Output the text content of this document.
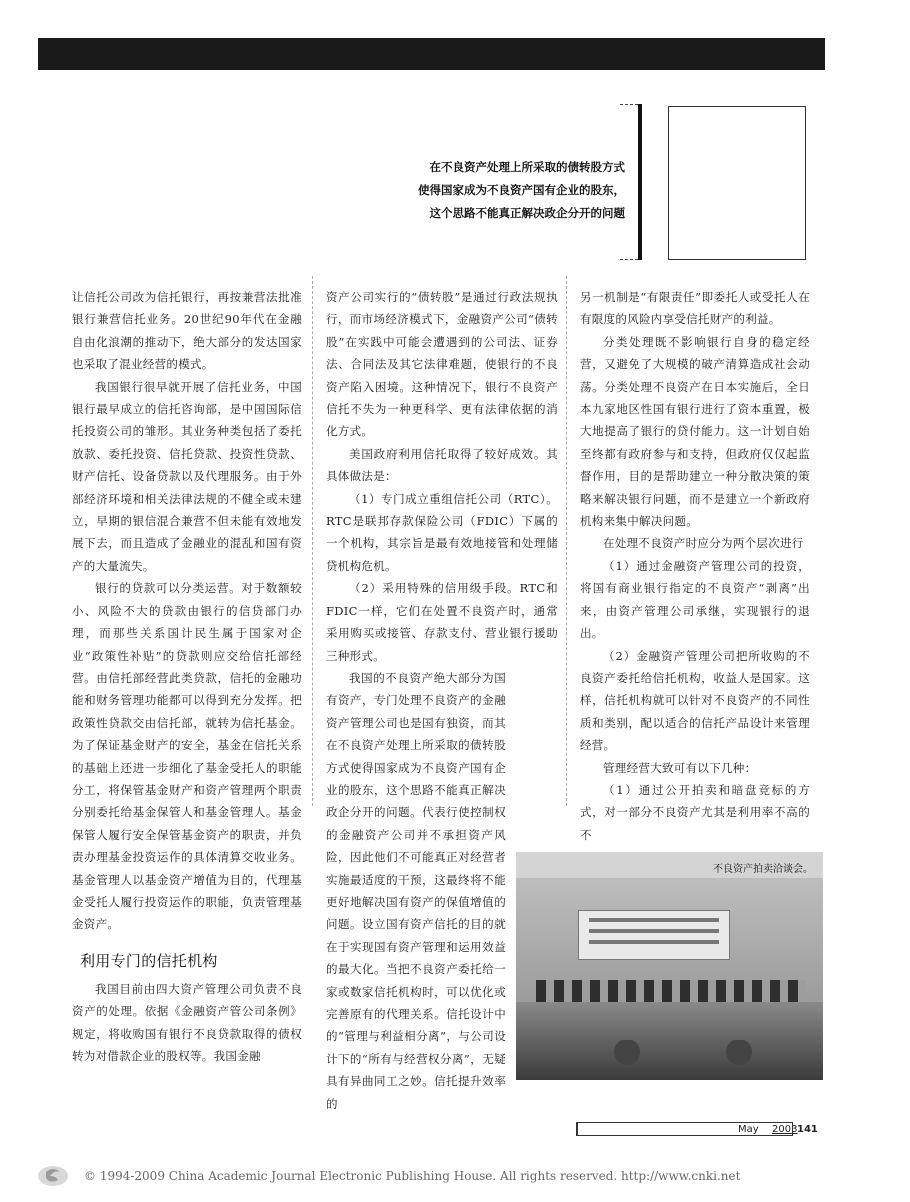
在不良资产处理上所采取的债转股方式
使得国家成为不良资产国有企业的股东，
这个思路不能真正解决政企分开的问题

让信托公司改为信托银行，再按兼营法批准银行兼营信托业务。20世纪90年代在金融自由化浪潮的推动下，绝大部分的发达国家也采取了混业经营的模式。

我国银行很早就开展了信托业务，中国银行最早成立的信托咨询部，是中国国际信托投资公司的雏形。其业务种类包括了委托放款、委托投资、信托贷款、投资性贷款、财产信托、设备贷款以及代理服务。由于外部经济环境和相关法律法规的不健全或未建立，早期的银信混合兼营不但未能有效地发展下去，而且造成了金融业的混乱和国有资产的大量流失。

银行的贷款可以分类运营。对于数额较小、风险不大的贷款由银行的信贷部门办理，而那些关系国计民生属于国家对企业“政策性补贴”的贷款则应交给信托部经营。由信托部经营此类贷款，信托的金融功能和财务管理功能都可以得到充分发挥。把政策性贷款交由信托部，就转为信托基金。为了保证基金财产的安全，基金在信托关系的基础上还进一步细化了基金受托人的职能分工，将保管基金财产和资产管理两个职责分别委托给基金保管人和基金管理人。基金保管人履行安全保管基金资产的职责，并负责办理基金投资运作的具体清算交收业务。基金管理人以基金资产增值为目的，代理基金受托人履行投资运作的职能，负责管理基金资产。

利用专门的信托机构

我国目前由四大资产管理公司负责不良资产的处理。依据《金融资产管公司条例》规定，将收购国有银行不良贷款取得的债权转为对借款企业的股权等。我国金融

资产公司实行的“债转股”是通过行政法规执行，而市场经济模式下，金融资产公司“债转股”在实践中可能会遭遇到的公司法、证券法、合同法及其它法律难题，使银行的不良资产陷入困境。这种情况下，银行不良资产信托不失为一种更科学、更有法律依据的消化方式。

美国政府利用信托取得了较好成效。其具体做法是：

（1）专门成立重组信托公司（RTC）。RTC是联邦存款保险公司（FDIC）下属的一个机构，其宗旨是最有效地接管和处理储贷机构危机。

（2）采用特殊的信用级手段。RTC和FDIC一样，它们在处置不良资产时，通常采用购买或接管、存款支付、营业银行援助三种形式。

我国的不良资产绝大部分为国有资产，专门处理不良资产的金融资产管理公司也是国有独资，而其在不良资产处理上所采取的债转股方式使得国家成为不良资产国有企业的股东，这个思路不能真正解决政企分开的问题。代表行使控制权的金融资产公司并不承担资产风险，因此他们不可能真正对经营者实施最适度的干预，这最终将不能更好地解决国有资产的保值增值的问题。设立国有资产信托的目的就在于实现国有资产管理和运用效益的最大化。当把不良资产委托给一家或数家信托机构时，可以优化或完善原有的代理关系。信托设计中的“管理与利益相分离”，与公司设计下的“所有与经营权分离”，无疑具有异曲同工之妙。信托提升效率的

另一机制是“有限责任”即委托人或受托人在有限度的风险内享受信托财产的利益。

分类处理既不影响银行自身的稳定经营，又避免了大规模的破产清算造成社会动荡。分类处理不良资产在日本实施后，全日本九家地区性国有银行进行了资本重置，极大地提高了银行的贷付能力。这一计划自始至终都有政府参与和支持，但政府仅仅起监督作用，目的是帮助建立一种分散决策的策略来解决银行问题，而不是建立一个新政府机构来集中解决问题。

在处理不良资产时应分为两个层次进行

（1）通过金融资产管理公司的投资，将国有商业银行指定的不良资产“剥离”出来，由资产管理公司承继，实现银行的退出。

（2）金融资产管理公司把所收购的不良资产委托给信托机构，收益人是国家。这样，信托机构就可以针对不良资产的不同性质和类别，配以适合的信托产品设计来管理经营。

管理经营大致可有以下几种：

（1）通过公开拍卖和暗盘竞标的方式，对一部分不良资产尤其是利用率不高的不

不良资产拍卖洽谈会。
May 2003 141
© 1994-2009 China Academic Journal Electronic Publishing House. All rights reserved. http://www.cnki.net
